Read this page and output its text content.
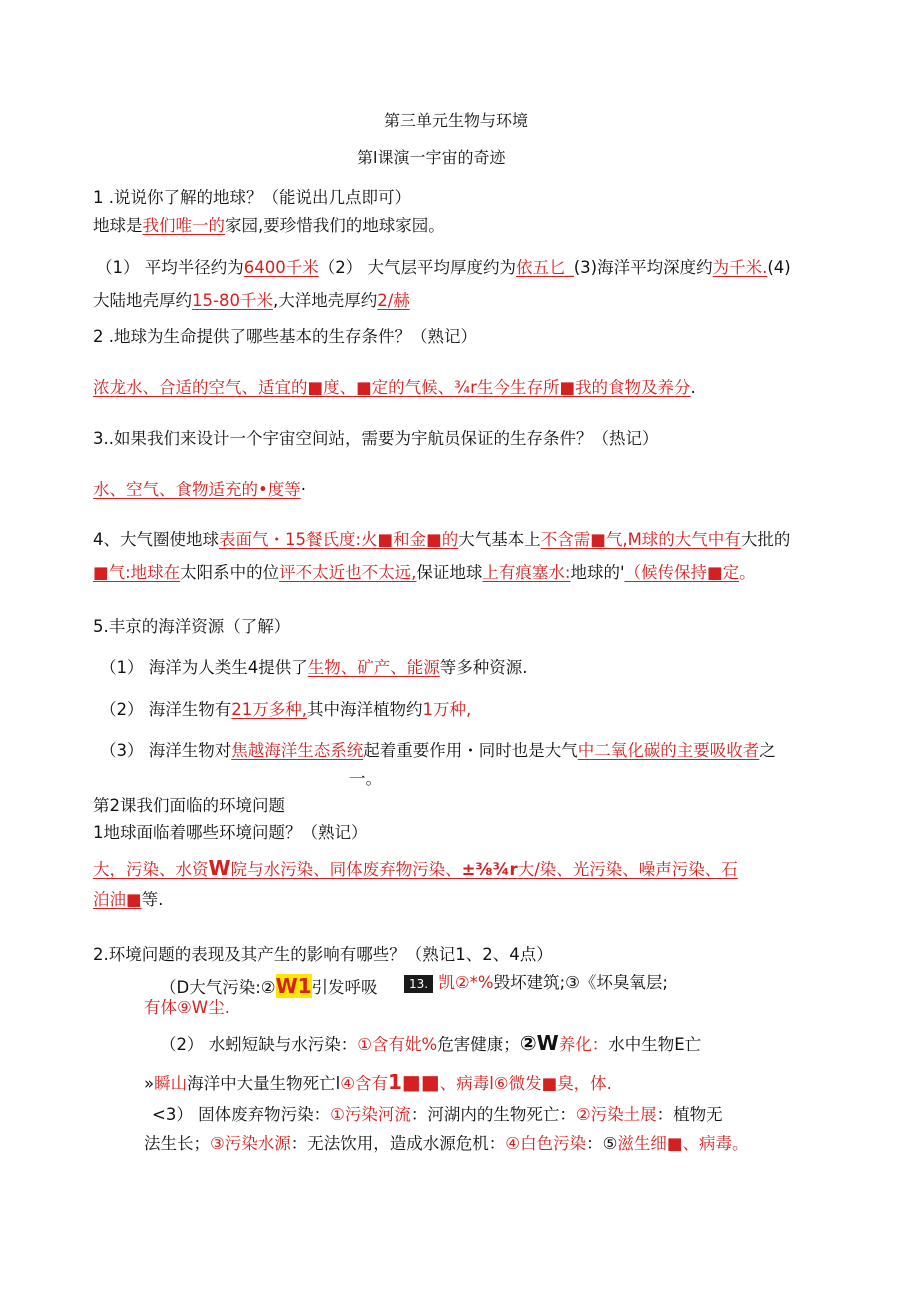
第三单元生物与环境
第l课演一宇宙的奇迹
1 .说说你了解的地球？（能说出几点即可）
地球是我们唯一的家园,要珍惜我们的地球家园。
（1） 平均半径约为6400千米（2） 大气层平均厚度约为依五匕_(3)海洋平均深度约为千米.(4)
大陆地壳厚约15-80千米,大洋地壳厚约2/赫
2 .地球为生命提供了哪些基本的生存条件？（熟记）
浓龙水、合适的空气、适宜的■度、■定的气候、¾r生今生存所■我的食物及养分.
3..如果我们来设计一个宇宙空间站，需要为宇航员保证的生存条件？（热记）
水、空气、食物适充的•度等·
4、大气圈使地球表面气・15餐氏度:火■和金■的大气基本上不含需■气,M球的大气中有大批的
■气:地球在太阳系中的位评不太近也不太远,保证地球上有痕塞水:地球的'（候传保持■定。
5.丰京的海洋资源（了解）
（1） 海洋为人类生4提供了生物、矿产、能源等多种资源.
（2） 海洋生物有21万多种,其中海洋植物约1万种,
（3） 海洋生物对焦越海洋生态系统起着重要作用・同时也是大气中二氧化碳的主要吸收者之
一。
第2课我们面临的环境问题
1地球面临着哪些环境问题？（熟记）
大，污染、水资W院与水污染、同体废弃物污染、±⅜¾r大/染、光污染、噪声污染、石
泊油■等.
2.环境问题的表现及其产生的影响有哪些？（熟记1、2、4点）
（D大气污染:②W1引发呼吸	13. 凯②*%毁坏建筑;③《坏臭氧层;
有体⑨W尘.
（2） 水蚓短缺与水污染：①含有妣%危害健康；②W养化：水中生物E亡
»瞬山海洋中大量生物死亡l④含有1■■、病毒l⑥微发■臭，体.
<3） 固体废弃物污染：①污染河流：河湖内的生物死亡：②污染土展：植物无
法生长；③污染水源：无法饮用，造成水源危机：④白色污染：⑤滋生细■、病毒。
